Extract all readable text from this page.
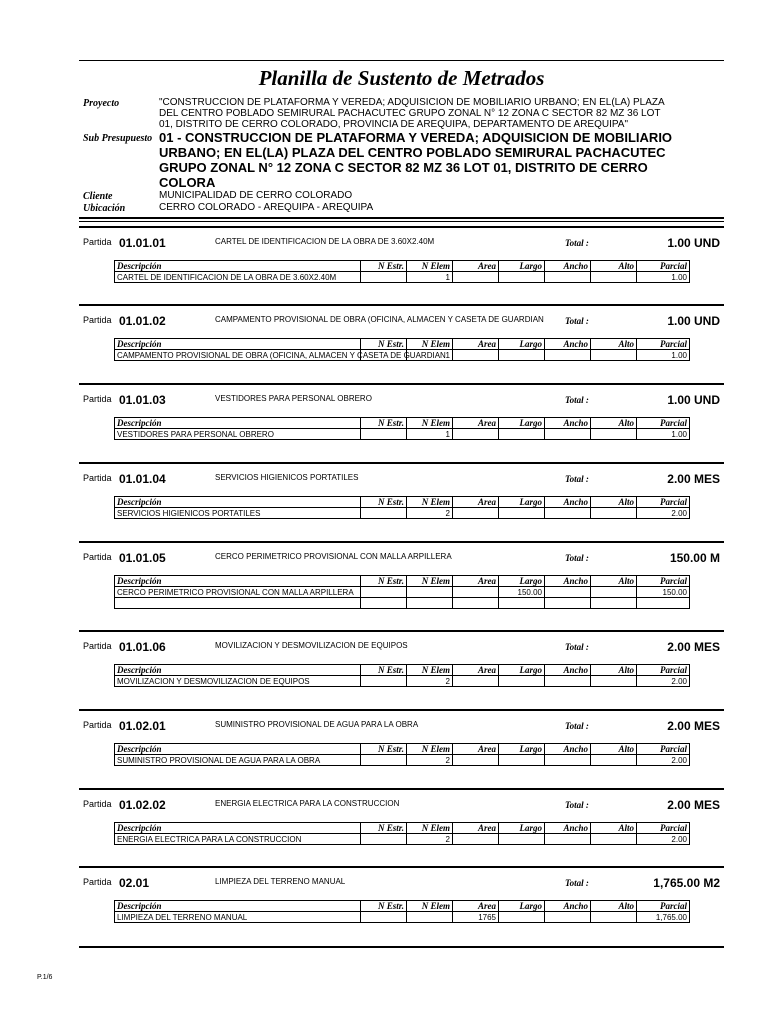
Planilla de Sustento de Metrados
Proyecto	"CONSTRUCCION DE PLATAFORMA Y VEREDA; ADQUISICION DE MOBILIARIO URBANO; EN EL(LA) PLAZA DEL CENTRO POBLADO SEMIRURAL PACHACUTEC GRUPO ZONAL N° 12 ZONA C SECTOR 82 MZ 36 LOT 01, DISTRITO DE CERRO COLORADO, PROVINCIA DE AREQUIPA, DEPARTAMENTO DE AREQUIPA"
Sub Presupuesto 01 - CONSTRUCCION DE PLATAFORMA Y VEREDA; ADQUISICION DE MOBILIARIO URBANO; EN EL(LA) PLAZA DEL CENTRO POBLADO SEMIRURAL PACHACUTEC GRUPO ZONAL N° 12 ZONA C SECTOR 82 MZ 36 LOT 01, DISTRITO DE CERRO COLORA
Cliente	MUNICIPALIDAD DE CERRO COLORADO
Ubicación	CERRO COLORADO - AREQUIPA - AREQUIPA
Partida 01.01.01	CARTEL DE IDENTIFICACION DE LA OBRA DE 3.60X2.40M	Total :	1.00 UND
Descripción	N Estr.	N Elem	Area	Largo	Ancho	Alto	Parcial
CARTEL DE IDENTIFICACION DE LA OBRA DE 3.60X2.40M		1					1.00
Partida 01.01.02	CAMPAMENTO PROVISIONAL DE OBRA (OFICINA, ALMACEN Y CASETA DE GUARDIAN	Total :	1.00 UND
Descripción	N Estr.	N Elem	Area	Largo	Ancho	Alto	Parcial
CAMPAMENTO PROVISIONAL DE OBRA (OFICINA, ALMACEN Y CASETA DE GUARDIAN		1					1.00
Partida 01.01.03	VESTIDORES PARA PERSONAL OBRERO	Total :	1.00 UND
Descripción	N Estr.	N Elem	Area	Largo	Ancho	Alto	Parcial
VESTIDORES PARA PERSONAL OBRERO		1					1.00
Partida 01.01.04	SERVICIOS HIGIENICOS PORTATILES	Total :	2.00 MES
Descripción	N Estr.	N Elem	Area	Largo	Ancho	Alto	Parcial
SERVICIOS HIGIENICOS PORTATILES		2					2.00
Partida 01.01.05	CERCO PERIMETRICO PROVISIONAL CON MALLA ARPILLERA	Total :	150.00 M
Descripción	N Estr.	N Elem	Area	Largo	Ancho	Alto	Parcial
CERCO PERIMETRICO PROVISIONAL CON MALLA ARPILLERA				150.00			150.00

Partida 01.01.06	MOVILIZACION Y DESMOVILIZACION DE EQUIPOS	Total :	2.00 MES
Descripción	N Estr.	N Elem	Area	Largo	Ancho	Alto	Parcial
MOVILIZACION Y DESMOVILIZACION DE EQUIPOS		2					2.00
Partida 01.02.01	SUMINISTRO PROVISIONAL DE AGUA PARA LA OBRA	Total :	2.00 MES
Descripción	N Estr.	N Elem	Area	Largo	Ancho	Alto	Parcial
SUMINISTRO PROVISIONAL DE AGUA PARA LA OBRA		2					2.00
Partida 01.02.02	ENERGIA ELECTRICA PARA LA CONSTRUCCION	Total :	2.00 MES
Descripción	N Estr.	N Elem	Area	Largo	Ancho	Alto	Parcial
ENERGIA ELECTRICA PARA LA CONSTRUCCION		2					2.00
Partida 02.01	LIMPIEZA DEL TERRENO MANUAL	Total :	1,765.00 M2
Descripción	N Estr.	N Elem	Area	Largo	Ancho	Alto	Parcial
LIMPIEZA DEL TERRENO MANUAL			1765				1,765.00
P.1/6
